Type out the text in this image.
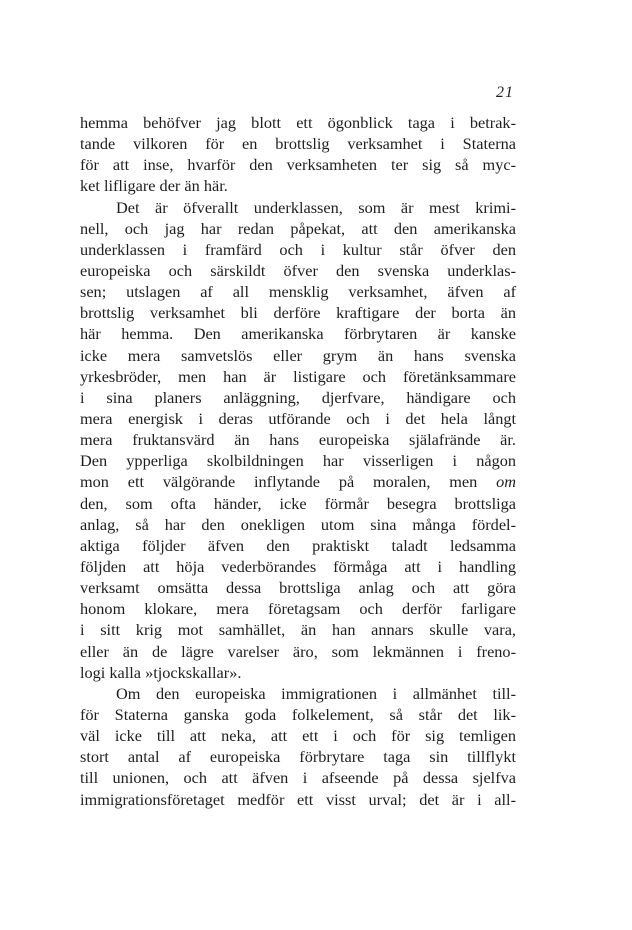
21
hemma behöfver jag blott ett ögonblick taga i betrak-
tande vilkoren för en brottslig verksamhet i Staterna
för att inse, hvarför den verksamheten ter sig så myc-
ket lifligare der än här.
Det är öfverallt underklassen, som är mest krimi-
nell, och jag har redan påpekat, att den amerikanska
underklassen i framfärd och i kultur står öfver den
europeiska och särskildt öfver den svenska underklas-
sen; utslagen af all mensklig verksamhet, äfven af
brottslig verksamhet bli derföre kraftigare der borta än
här hemma. Den amerikanska förbrytaren är kanske
icke mera samvetslös eller grym än hans svenska
yrkesbröder, men han är listigare och företänksammare
i sina planers anläggning, djerfvare, händigare och
mera energisk i deras utförande och i det hela långt
mera fruktansvärd än hans europeiska själafrände är.
Den ypperliga skolbildningen har visserligen i någon
mon ett välgörande inflytande på moralen, men om
den, som ofta händer, icke förmår besegra brottsliga
anlag, så har den onekligen utom sina många fördel-
aktiga följder äfven den praktiskt taladt ledsamma
följden att höja vederbörandes förmåga att i handling
verksamt omsätta dessa brottsliga anlag och att göra
honom klokare, mera företagsam och derför farligare
i sitt krig mot samhället, än han annars skulle vara,
eller än de lägre varelser äro, som lekmännen i freno-
logi kalla »tjockskallar».
Om den europeiska immigrationen i allmänhet till-
för Staterna ganska goda folkelement, så står det lik-
väl icke till att neka, att ett i och för sig temligen
stort antal af europeiska förbrytare taga sin tillflykt
till unionen, och att äfven i afseende på dessa sjelfva
immigrationsföretaget medför ett visst urval; det är i all-
